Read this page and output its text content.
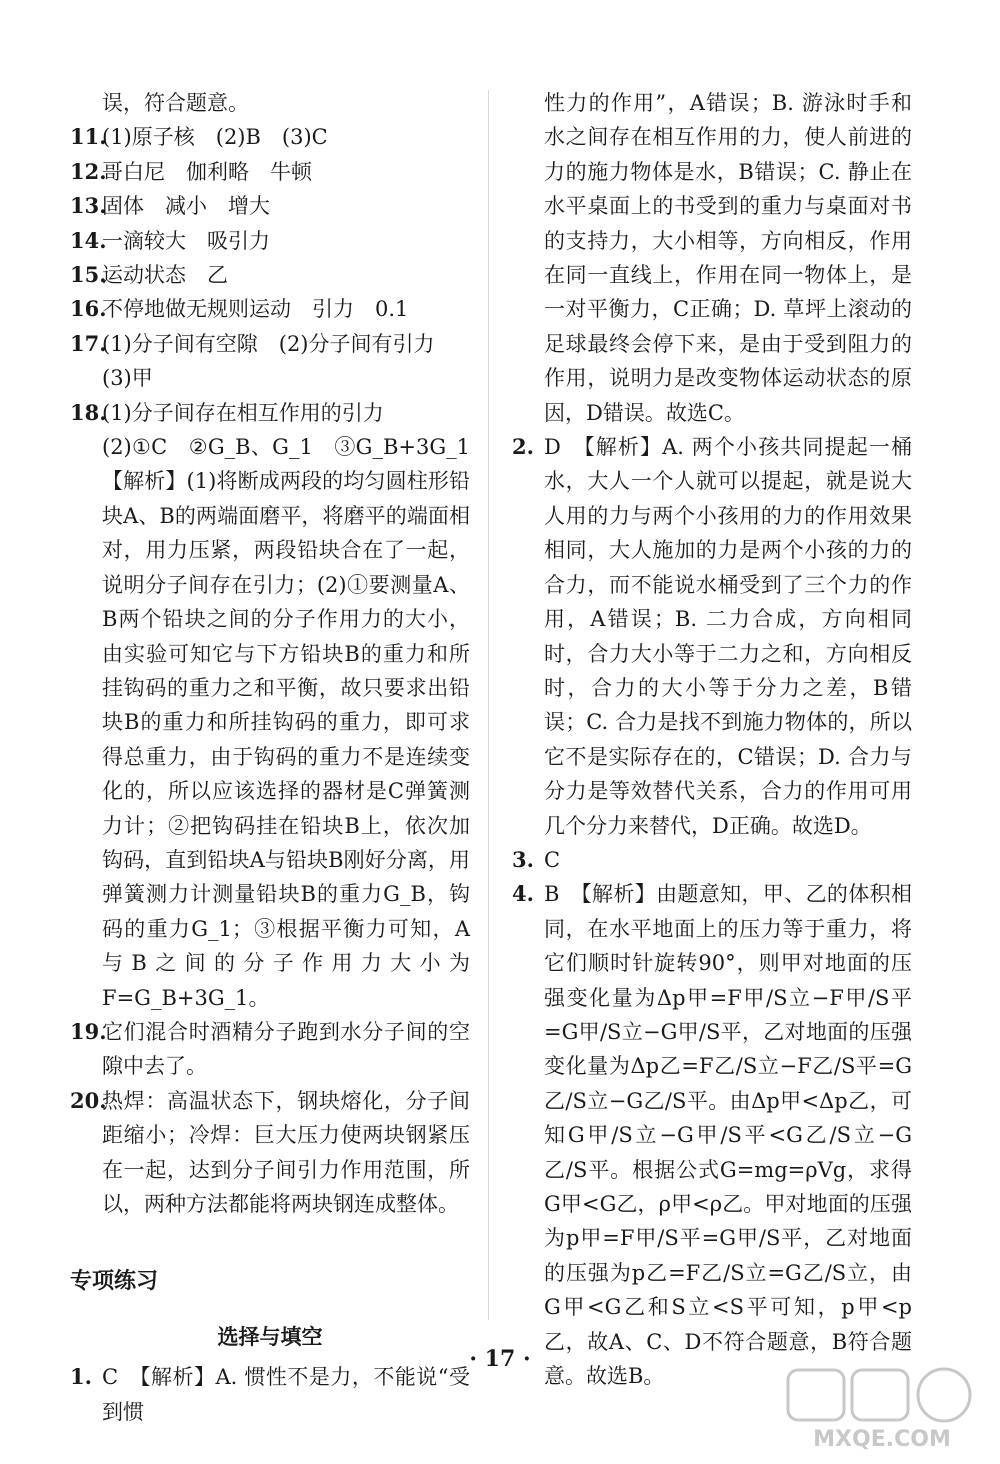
误，符合题意。
11.
(1)原子核　(2)B　(3)C
12.
哥白尼　伽利略　牛顿
13.
固体　减小　增大
14.
一滴较大　吸引力
15.
运动状态　乙
16.
不停地做无规则运动　引力　0.1
17.
(1)分子间有空隙　(2)分子间有引力
(3)甲
18.
(1)分子间存在相互作用的引力
(2)①C　②G_B、G_1　③G_B+3G_1　【解析】(1)将断成两段的均匀圆柱形铅块A、B的两端面磨平，将磨平的端面相对，用力压紧，两段铅块合在了一起，说明分子间存在引力；(2)①要测量A、B两个铅块之间的分子作用力的大小，由实验可知它与下方铅块B的重力和所挂钩码的重力之和平衡，故只要求出铅块B的重力和所挂钩码的重力，即可求得总重力，由于钩码的重力不是连续变化的，所以应该选择的器材是C弹簧测力计；②把钩码挂在铅块B上，依次加钩码，直到铅块A与铅块B刚好分离，用弹簧测力计测量铅块B的重力G_B，钩码的重力G_1；③根据平衡力可知，A与B之间的分子作用力大小为F=G_B+3G_1。
19.
它们混合时酒精分子跑到水分子间的空隙中去了。
20.
热焊：高温状态下，钢块熔化，分子间距缩小；冷焊：巨大压力使两块钢紧压在一起，达到分子间引力作用范围，所以，两种方法都能将两块钢连成整体。
专项练习
选择与填空
1. C　【解析】A. 惯性不是力，不能说“受到惯
性力的作用”，A错误；B. 游泳时手和水之间存在相互作用的力，使人前进的力的施力物体是水，B错误；C. 静止在水平桌面上的书受到的重力与桌面对书的支持力，大小相等，方向相反，作用在同一直线上，作用在同一物体上，是一对平衡力，C正确；D. 草坪上滚动的足球最终会停下来，是由于受到阻力的作用，说明力是改变物体运动状态的原因，D错误。故选C。
2. D　【解析】A. 两个小孩共同提起一桶水，大人一个人就可以提起，就是说大人用的力与两个小孩用的力的作用效果相同，大人施加的力是两个小孩的力的合力，而不能说水桶受到了三个力的作用，A错误；B. 二力合成，方向相同时，合力大小等于二力之和，方向相反时，合力的大小等于分力之差，B错误；C. 合力是找不到施力物体的，所以它不是实际存在的，C错误；D. 合力与分力是等效替代关系，合力的作用可用几个分力来替代，D正确。故选D。
3. C
4. B　【解析】由题意知，甲、乙的体积相同，在水平地面上的压力等于重力，将它们顺时针旋转90°，则甲对地面的压强变化量为Δp甲=F甲/S立−F甲/S平=G甲/S立−G甲/S平，乙对地面的压强变化量为Δp乙=F乙/S立−F乙/S平=G乙/S立−G乙/S平。由Δp甲<Δp乙，可知G甲/S立−G甲/S平<G乙/S立−G乙/S平。根据公式G=mg=ρVg，求得G甲<G乙，ρ甲<ρ乙。甲对地面的压强为p甲=F甲/S平=G甲/S平，乙对地面的压强为p乙=F乙/S立=G乙/S立，由G甲<G乙和S立<S平可知，p甲<p乙，故A、C、D不符合题意，B符合题意。故选B。
· 17 ·
MXQE.COM
